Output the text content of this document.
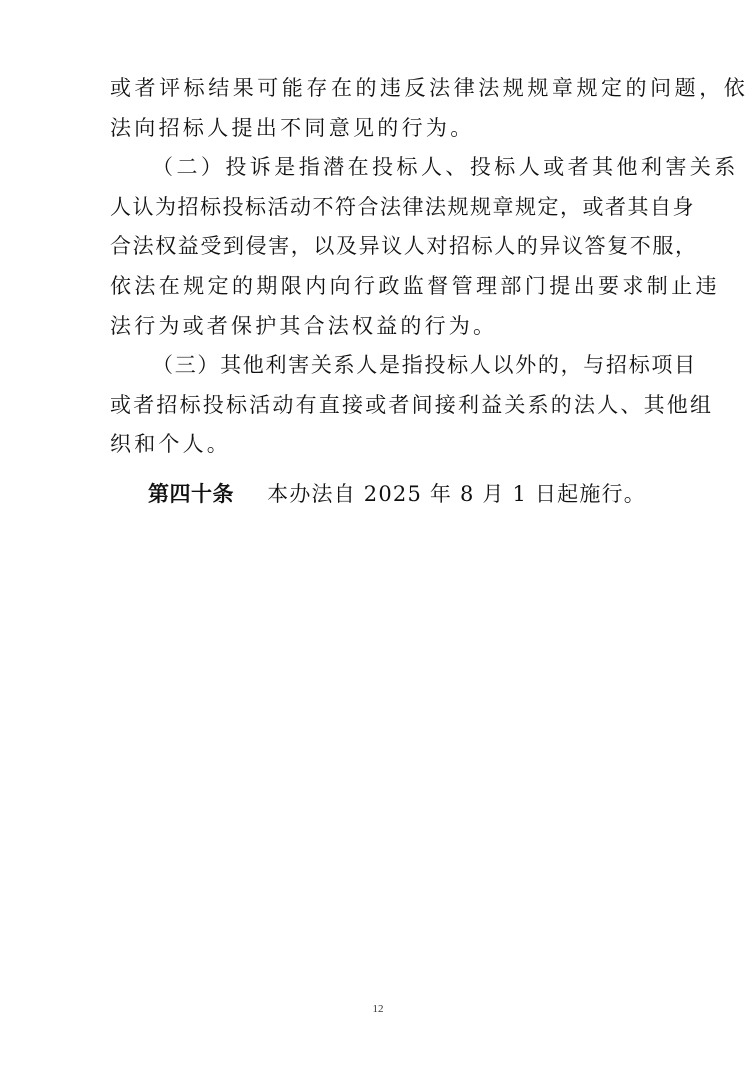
或者评标结果可能存在的违反法律法规规章规定的问题，依
法向招标人提出不同意见的行为。
（二）投诉是指潜在投标人、投标人或者其他利害关系
人认为招标投标活动不符合法律法规规章规定，或者其自身
合法权益受到侵害，以及异议人对招标人的异议答复不服，
依法在规定的期限内向行政监督管理部门提出要求制止违
法行为或者保护其合法权益的行为。
（三）其他利害关系人是指投标人以外的，与招标项目
或者招标投标活动有直接或者间接利益关系的法人、其他组
织和个人。
第四十条 本办法自 2025 年 8 月 1 日起施行。
12
